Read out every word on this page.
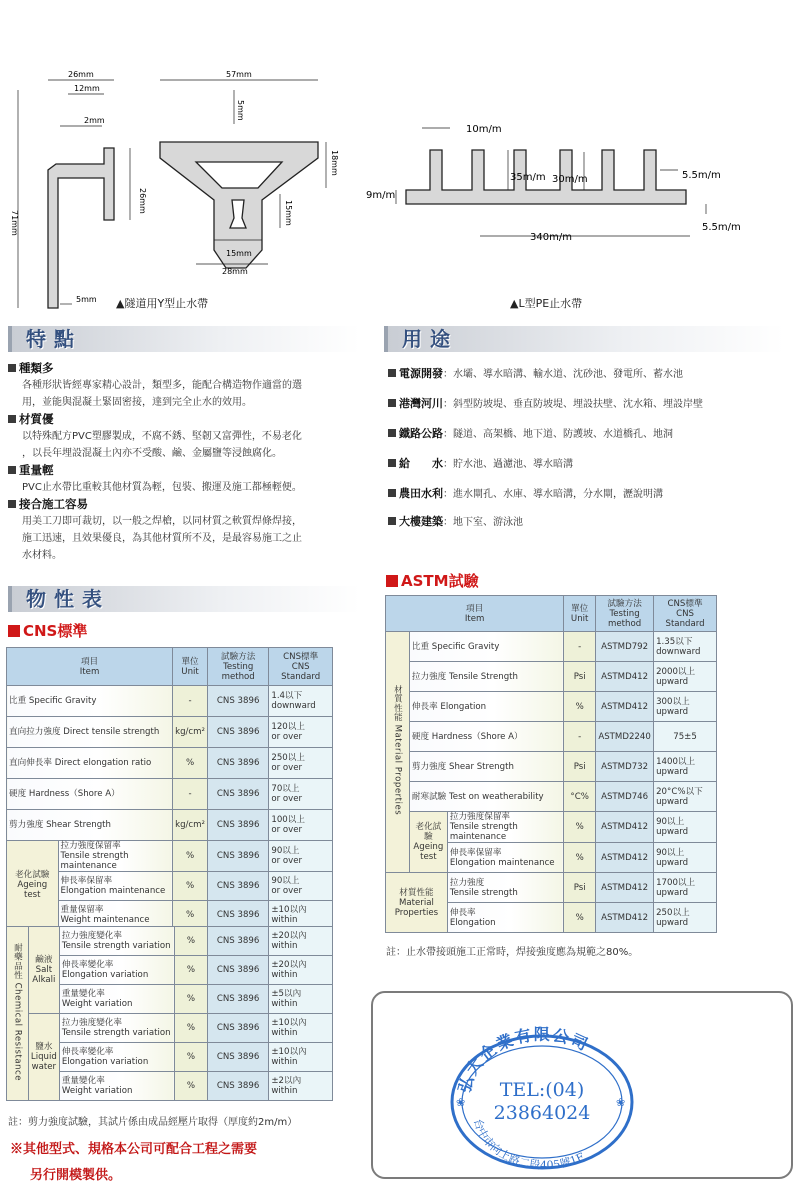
26mm
12mm
2mm
26mm
71mm
5mm
57mm
5mm
18mm
15mm
15mm
28mm
▲隧道用Y型止水帶
10m/m
35m/m 30m/m	5.5m/m
9m/m
340m/m
5.5m/m
▲L型PE止水帶
特點
種類多
各種形狀皆經專家精心設計，類型多，能配合構造物作適當的選
用，並能與混凝土緊固密接，達到完全止水的效用。
材質優
以特殊配方PVC塑膠製成，不腐不銹、堅韌又富彈性，不易老化
，以長年埋設混凝土內亦不受酸、鹼、金屬鹽等浸蝕腐化。
重量輕
PVC止水帶比重較其他材質為輕，包裝、搬運及施工都極輕便。
接合施工容易
用美工刀即可裁切，以一般之焊槍，以同材質之軟質焊條焊接，
施工迅速，且效果優良，為其他材質所不及，是最容易施工之止
水材料。
用途
電源開發：水壩、導水暗溝、輸水道、沈砂池、發電所、蓄水池
港灣河川：斜型防坡堤、垂直防坡堤、埋設扶壁、沈水箱、埋設岸壁
鐵路公路：隧道、高架橋、地下道、防護坡、水道橋孔、地洞
給　　水：貯水池、過濾池、導水暗溝
農田水利：進水閘孔、水庫、導水暗溝，分水閘，瀝說明溝
大樓建築：地下室、游泳池
物性表
CNS標準
項目
Item		單位
Unit	試驗方法
Testing method	CNS標準
CNS Standard
比重 Specific Gravity		-	CNS 3896	1.4以下
downward
直向拉力強度 Direct tensile strength		kg/cm²	CNS 3896	120以上
or over
直向伸長率 Direct elongation ratio		%	CNS 3896	250以上
or over
硬度 Hardness（Shore A）		-	CNS 3896	70以上
or over
剪力強度 Shear Strength		kg/cm²	CNS 3896	100以上
or over
老化試驗
Ageing
test	拉力強度保留率
Tensile strength maintenance	%	CNS 3896	90以上
or over
	伸長率保留率
Elongation maintenance	%	CNS 3896	90以上
or over
	重量保留率
Weight maintenance	%	CNS 3896	±10以內
within
耐藥品性 Chemical Resistance	鹼液
Salt
Alkali	拉力強度變化率
Tensile strength variation	%	CNS 3896	±20以內
within
		伸長率變化率
Elongation variation	%	CNS 3896	±20以內
within
		重量變化率
Weight variation	%	CNS 3896	±5以內
within
	鹽水
Liquid
water	拉力強度變化率
Tensile strength variation	%	CNS 3896	±10以內
within
		伸長率變化率
Elongation variation	%	CNS 3896	±10以內
within
		重量變化率
Weight variation	%	CNS 3896	±2以內
within
註：剪力強度試驗，其試片係由成品經壓片取得（厚度約2m/m）
※其他型式、規格本公司可配合工程之需要
另行開模製供。
ASTM試驗
項目
Item			單位
Unit	試驗方法
Testing method	CNS標準
CNS Standard
材質性能 Material Properties	比重 Specific Gravity		-	ASTMD792	1.35以下
downward
	拉力強度 Tensile Strength		Psi	ASTMD412	2000以上
upward
	伸長率 Elongation		%	ASTMD412	300以上
upward
	硬度 Hardness（Shore A）		-	ASTMD2240	75±5
	剪力強度 Shear Strength		Psi	ASTMD732	1400以上
upward
	耐寒試驗 Test on weatherability		°C%	ASTMD746	20°C%以下
upward
	老化試驗
Ageing
test	拉力強度保留率
Tensile strength maintenance	%	ASTMD412	90以上
upward
		伸長率保留率
Elongation maintenance	%	ASTMD412	90以上
upward
材質性能
Material
Properties		拉力強度
Tensile strength	Psi	ASTMD412	1700以上
upward
		伸長率
Elongation	%	ASTMD412	250以上
upward
註：止水帶接頭施工正常時，焊接強度應為規範之80%。
弘大企業有限公司
台中市向上路二段405號1F
TEL:(04)
23864024
❀	❀
